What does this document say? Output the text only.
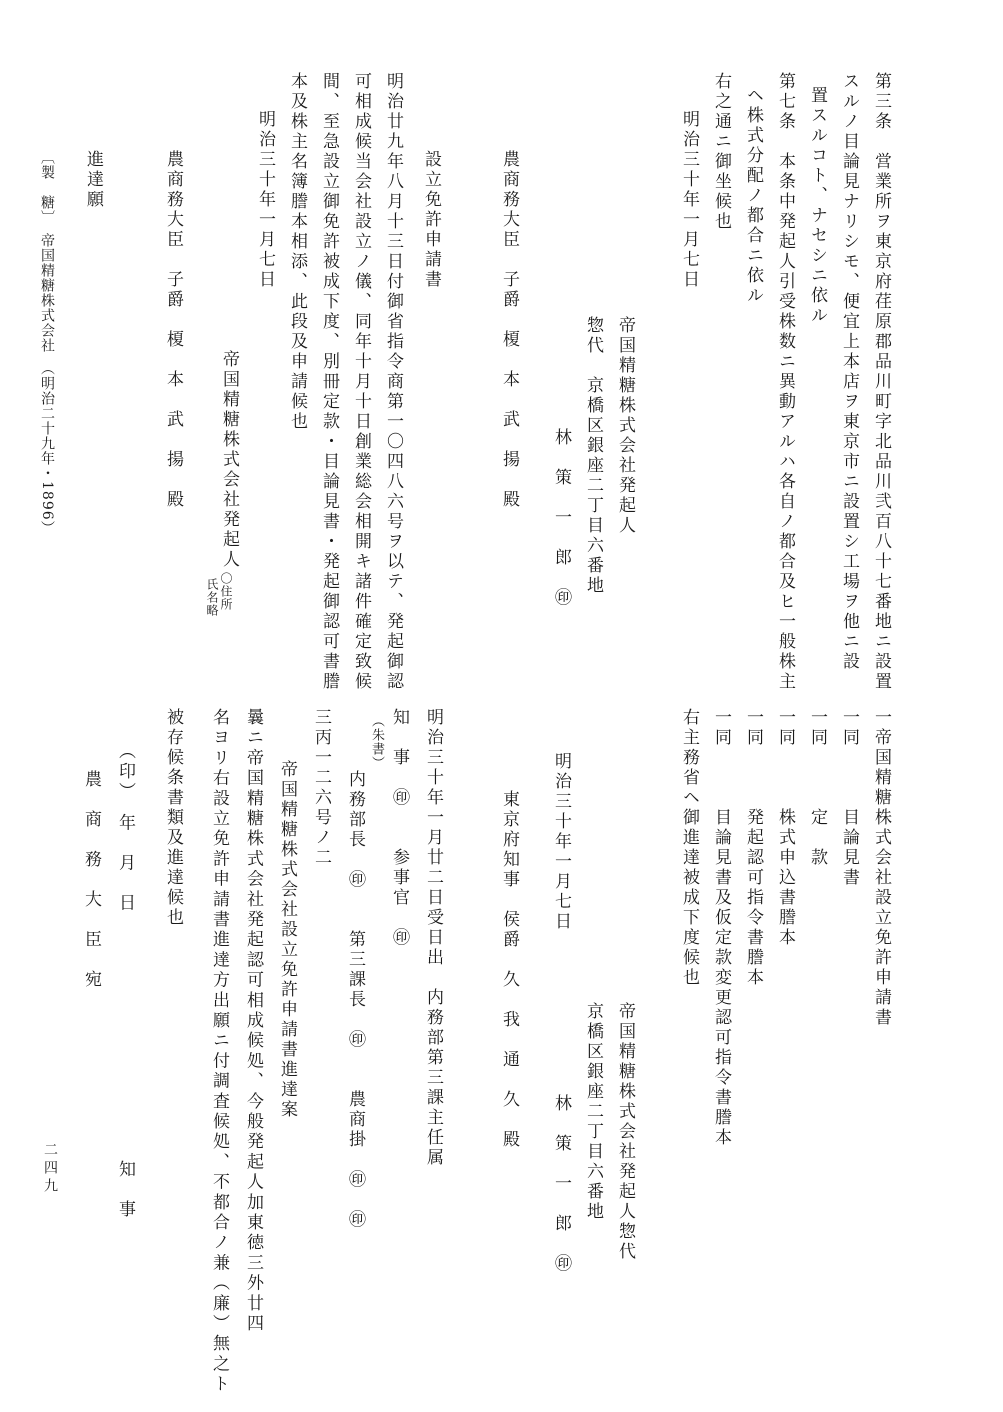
第三条　営業所ヲ東京府荏原郡品川町字北品川弐百八十七番地ニ設置
スルノ目論見ナリシモ、便宜上本店ヲ東京市ニ設置シ工場ヲ他ニ設
置スルコト、ナセシニ依ル
第七条　本条中発起人引受株数ニ異動アルハ各自ノ都合及ヒ一般株主
ヘ株式分配ノ都合ニ依ル
右之通ニ御坐候也
明治三十年一月七日
帝国精糖株式会社発起人
惣代　京橋区銀座二丁目六番地
林　策　一　郎　㊞
農商務大臣　子爵　榎　本　武　揚　殿
設立免許申請書
明治廿九年八月十三日付御省指令商第一〇四八六号ヲ以テ、発起御認
可相成候当会社設立ノ儀、同年十月十日創業総会相開キ諸件確定致候
間、至急設立御免許被成下度、別冊定款・目論見書・発起御認可書謄
本及株主名簿謄本相添、此段及申請候也
明治三十年一月七日
帝国精糖株式会社発起人
〇住所
氏名略
農商務大臣　子爵　榎　本　武　揚　殿
進達願
〔製　糖〕　帝国精糖株式会社　（明治二十九年・1896）
一帝国精糖株式会社設立免許申請書
一同　　　目論見書
一同　　　定　款
一同　　　株式申込書謄本
一同　　　発起認可指令書謄本
一同　　　目論見書及仮定款変更認可指令書謄本
右主務省ヘ御進達被成下度候也
帝国精糖株式会社発起人惣代
京橋区銀座二丁目六番地
明治三十年一月七日
林　策　一　郎　㊞
東京府知事　侯爵　久　我　通　久　殿
明治三十年一月廿二日受日出　内務部第三課主任属
知　事　㊞　　参事官　㊞
（朱書）
内務部長　㊞　　第三課長　㊞　　農商掛　㊞　㊞
三丙一二六号ノ二
帝国精糖株式会社設立免許申請書進達案
曩ニ帝国精糖株式会社発起認可相成候処、今般発起人加東徳三外廿四
名ヨリ右設立免許申請書進達方出願ニ付調査候処、不都合ノ兼（廉）無之ト
被存候条書類及進達候也
（印）　年　月　日
農　商　務　大　臣　宛
知　事
二四九
